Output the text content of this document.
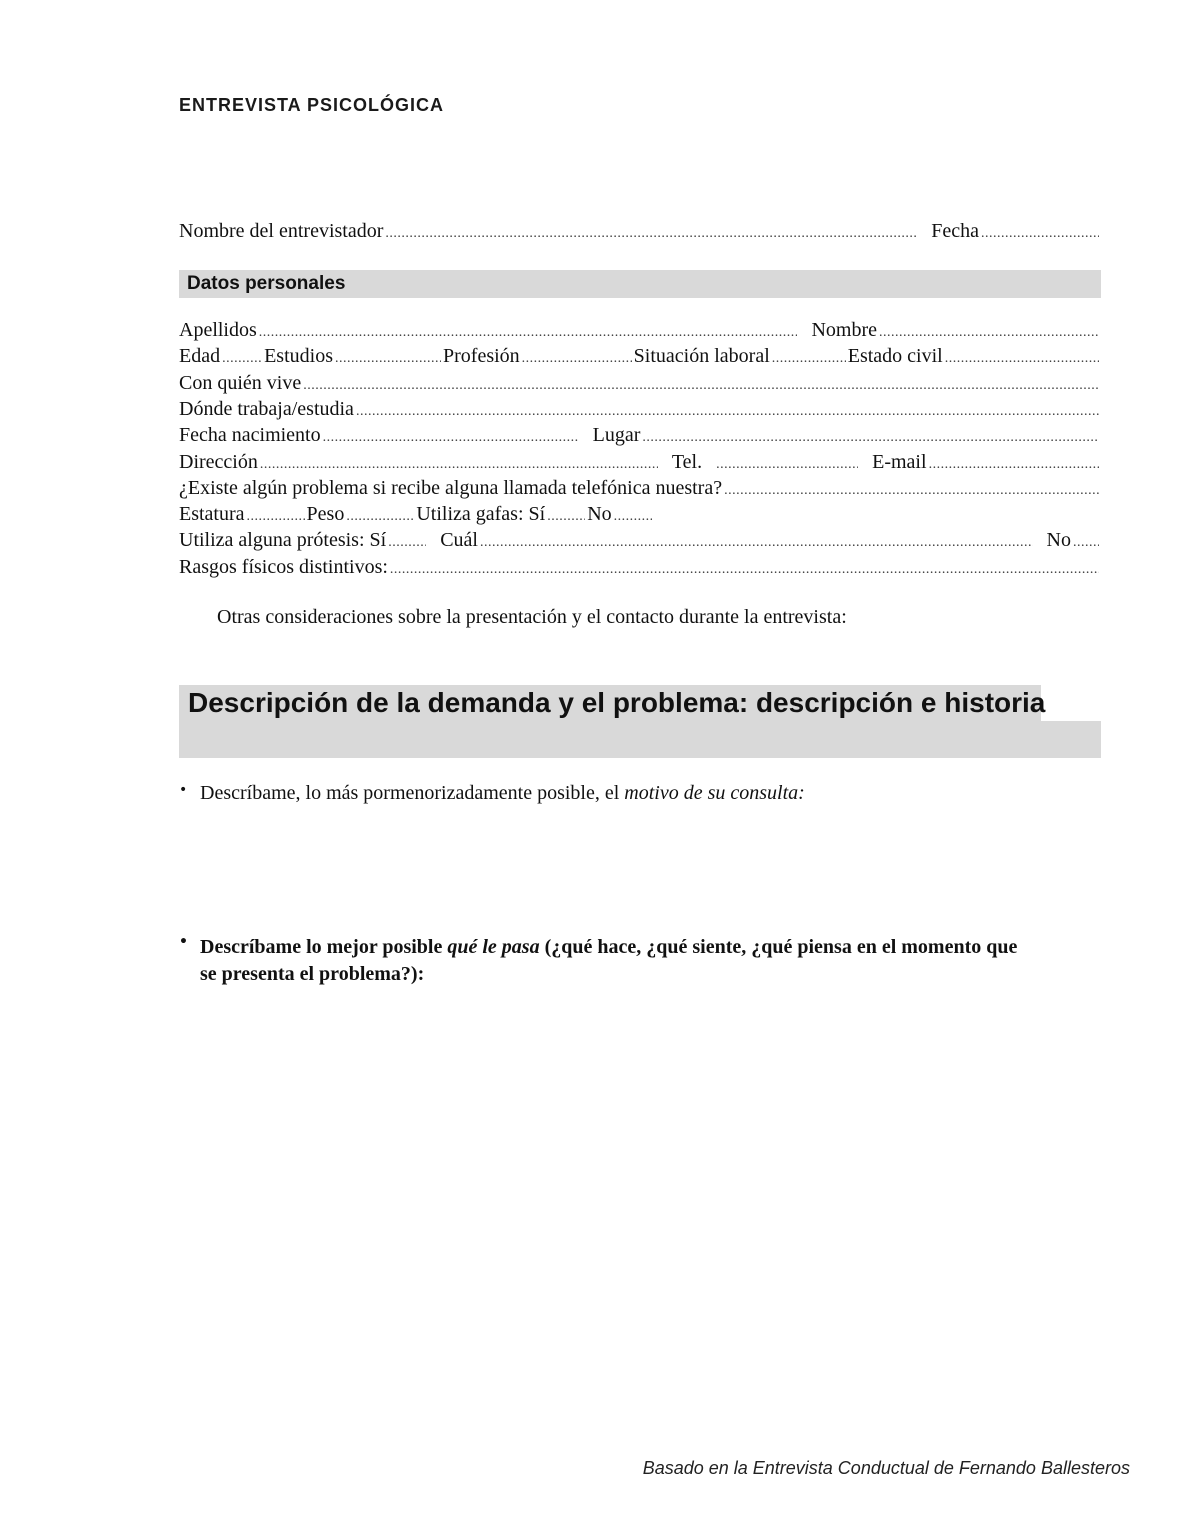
ENTREVISTA PSICOLÓGICA
Nombre del entrevistador .....	Fecha
.....
Datos personales
Apellidos .....	Nombre
.....
Edad ..... Estudios .....	Profesión .....	Situación laboral .....	Estado civil
.....
Con quién vive
.....
Dónde trabaja/estudia
.....
Fecha nacimiento .....	Lugar
.....
Dirección .....	Tel. .....	E-mail
.....
¿Existe algún problema si recibe alguna llamada telefónica nuestra?
.....
Estatura .....	Peso .....	Utiliza gafas: Sí ..... No
.....
Utiliza alguna prótesis: Sí .....	Cuál .....	No
.....
Rasgos físicos distintivos:
.....
Otras consideraciones sobre la presentación y el contacto durante la entrevista:
Descripción de la demanda y el problema: descripción e historia
• Descríbame, lo más pormenorizadamente posible, el motivo de su consulta:
• Descríbame lo mejor posible qué le pasa (¿qué hace, ¿qué siente, ¿qué piensa en el momento que se presenta el problema?):
Basado en la Entrevista Conductual de Fernando Ballesteros
